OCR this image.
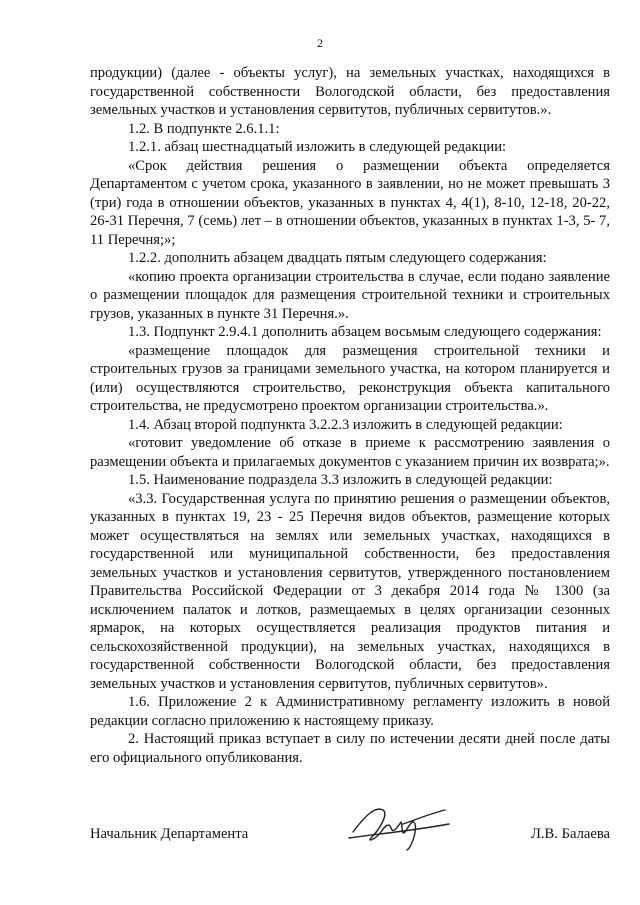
2

продукции) (далее - объекты услуг), на земельных участках, находящихся в государственной собственности Вологодской области, без предоставления земельных участков и установления сервитутов, публичных сервитутов.».

1.2. В подпункте 2.6.1.1:

1.2.1. абзац шестнадцатый изложить в следующей редакции:

«Срок действия решения о размещении объекта определяется Департаментом с учетом срока, указанного в заявлении, но не может превышать 3 (три) года в отношении объектов, указанных в пунктах 4, 4(1), 8-10, 12-18, 20-22, 26-31 Перечня, 7 (семь) лет – в отношении объектов, указанных в пунктах 1-3, 5- 7, 11 Перечня;»;

1.2.2. дополнить абзацем двадцать пятым следующего содержания:

«копию проекта организации строительства в случае, если подано заявление о размещении площадок для размещения строительной техники и строительных грузов, указанных в пункте 31 Перечня.».

1.3. Подпункт 2.9.4.1 дополнить абзацем восьмым следующего содержания:

«размещение площадок для размещения строительной техники и строительных грузов за границами земельного участка, на котором планируется и (или) осуществляются строительство, реконструкция объекта капитального строительства, не предусмотрено проектом организации строительства.».

1.4. Абзац второй подпункта 3.2.2.3 изложить в следующей редакции:

«готовит уведомление об отказе в приеме к рассмотрению заявления о размещении объекта и прилагаемых документов с указанием причин их возврата;».

1.5. Наименование подраздела 3.3 изложить в следующей редакции:

«3.3. Государственная услуга по принятию решения о размещении объектов, указанных в пунктах 19, 23 - 25 Перечня видов объектов, размещение которых может осуществляться на землях или земельных участках, находящихся в государственной или муниципальной собственности, без предоставления земельных участков и установления сервитутов, утвержденного постановлением Правительства Российской Федерации от 3 декабря 2014 года № 1300 (за исключением палаток и лотков, размещаемых в целях организации сезонных ярмарок, на которых осуществляется реализация продуктов питания и сельскохозяйственной продукции), на земельных участках, находящихся в государственной собственности Вологодской области, без предоставления земельных участков и установления сервитутов, публичных сервитутов».

1.6. Приложение 2 к Административному регламенту изложить в новой редакции согласно приложению к настоящему приказу.

2. Настоящий приказ вступает в силу по истечении десяти дней после даты его официального опубликования.

Начальник Департамента	Л.В. Балаева
